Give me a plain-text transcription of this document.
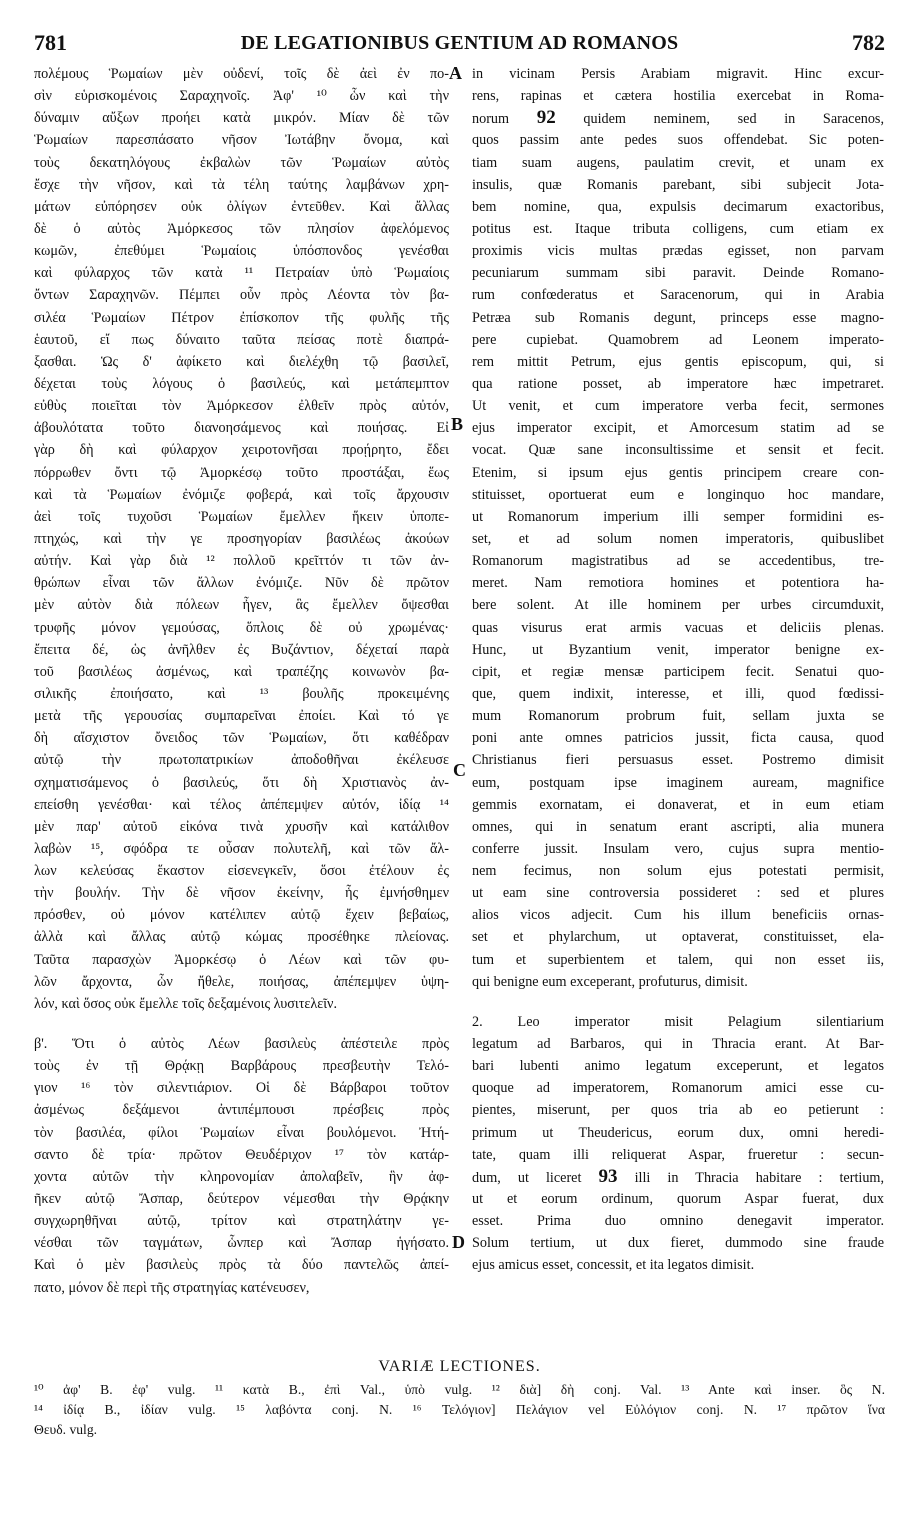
781	DE LEGATIONIBUS GENTIUM AD ROMANOS	782
A
B
C
D
πολέμους Ῥωμαίων μὲν οὐδενί, τοῖς δὲ ἀεὶ ἐν πο-
σὶν εὑρισκομένοις Σαραχηνοῖς. Ἀφ' ¹⁰ ὧν καὶ τὴν
δύναμιν αὔξων προήει κατὰ μικρόν. Μίαν δὲ τῶν
Ῥωμαίων παρεσπάσατο νῆσον Ἰωτάβην ὄνομα, καὶ
τοὺς δεκατηλόγους ἐκβαλὼν τῶν Ῥωμαίων αὐτὸς
ἔσχε τὴν νῆσον, καὶ τὰ τέλη ταύτης λαμβάνων χρη-
μάτων εὐπόρησεν οὐκ ὀλίγων ἐντεῦθεν. Καὶ ἄλλας
δὲ ὁ αὐτὸς Ἀμόρκεσος τῶν πλησίον ἀφελόμενος
κωμῶν, ἐπεθύμει Ῥωμαίοις ὑπόσπονδος γενέσθαι
καὶ φύλαρχος τῶν κατὰ ¹¹ Πετραίαν ὑπὸ Ῥωμαίοις
ὄντων Σαραχηνῶν. Πέμπει οὖν πρὸς Λέοντα τὸν βα-
σιλέα Ῥωμαίων Πέτρον ἐπίσκοπον τῆς φυλῆς τῆς
ἑαυτοῦ, εἴ πως δύναιτο ταῦτα πείσας ποτὲ διαπρά-
ξασθαι. Ὡς δ' ἀφίκετο καὶ διελέχθη τῷ βασιλεῖ,
δέχεται τοὺς λόγους ὁ βασιλεύς, καὶ μετάπεμπτον
εὐθὺς ποιεῖται τὸν Ἀμόρκεσον ἐλθεῖν πρὸς αὐτόν,
ἀβουλότατα τοῦτο διανοησάμενος καὶ ποιήσας. Εἰ
γὰρ δὴ καὶ φύλαρχον χειροτονῆσαι προῄρητο, ἔδει
πόρρωθεν ὄντι τῷ Ἀμορκέσῳ τοῦτο προστάξαι, ἕως
καὶ τὰ Ῥωμαίων ἐνόμιζε φοβερά, καὶ τοῖς ἄρχουσιν
ἀεὶ τοῖς τυχοῦσι Ῥωμαίων ἔμελλεν ἥκειν ὑποπε-
πτηχώς, καὶ τὴν γε προσηγορίαν βασιλέως ἀκούων
αὐτήν. Καὶ γὰρ διὰ ¹² πολλοῦ κρεῖττόν τι τῶν ἀν-
θρώπων εἶναι τῶν ἄλλων ἐνόμιζε. Νῦν δὲ πρῶτον
μὲν αὐτὸν διὰ πόλεων ἦγεν, ἃς ἔμελλεν ὄψεσθαι
τρυφῆς μόνον γεμούσας, ὅπλοις δὲ οὐ χρωμένας·
ἔπειτα δέ, ὡς ἀνῆλθεν ἐς Βυζάντιον, δέχεταί παρὰ
τοῦ βασιλέως ἀσμένως, καὶ τραπέζης κοινωνὸν βα-
σιλικῆς ἐποιήσατο, καὶ ¹³ βουλῆς προκειμένης
μετὰ τῆς γερουσίας συμπαρεῖναι ἐποίει. Καὶ τό γε
δὴ αἴσχιστον ὄνειδος τῶν Ῥωμαίων, ὅτι καθέδραν
αὐτῷ τὴν πρωτοπατρικίων ἀποδοθῆναι ἐκέλευσε
σχηματισάμενος ὁ βασιλεύς, ὅτι δὴ Χριστιανὸς ἀν-
επείσθη γενέσθαι· καὶ τέλος ἀπέπεμψεν αὐτόν, ἰδίᾳ ¹⁴
μὲν παρ' αὐτοῦ εἰκόνα τινὰ χρυσῆν καὶ κατάλιθον
λαβὼν ¹⁵, σφόδρα τε οὖσαν πολυτελῆ, καὶ τῶν ἄλ-
λων κελεύσας ἕκαστον εἰσενεγκεῖν, ὅσοι ἐτέλουν ἐς
τὴν βουλήν. Τὴν δὲ νῆσον ἐκείνην, ἧς ἐμνήσθημεν
πρόσθεν, οὐ μόνον κατέλιπεν αὐτῷ ἔχειν βεβαίως,
ἀλλὰ καὶ ἄλλας αὐτῷ κώμας προσέθηκε πλείονας.
Ταῦτα παρασχὼν Ἀμορκέσῳ ὁ Λέων καὶ τῶν φυ-
λῶν ἄρχοντα, ὧν ἤθελε, ποιήσας, ἀπέπεμψεν ὑψη-
λόν, καὶ ὅσος οὐκ ἔμελλε τοῖς δεξαμένοις λυσιτελεῖν.
β'. Ὅτι ὁ αὐτὸς Λέων βασιλεὺς ἀπέστειλε πρὸς
τοὺς ἐν τῇ Θρᾴκῃ Βαρβάρους πρεσβευτὴν Τελό-
γιον ¹⁶ τὸν σιλεντιάριον. Οἱ δὲ Βάρβαροι τοῦτον
ἀσμένως δεξάμενοι ἀντιπέμπουσι πρέσβεις πρὸς
τὸν βασιλέα, φίλοι Ῥωμαίων εἶναι βουλόμενοι. Ἠτή-
σαντο δὲ τρία· πρῶτον Θευδέριχον ¹⁷ τὸν κατάρ-
χοντα αὐτῶν τὴν κληρονομίαν ἀπολαβεῖν, ἣν ἀφ-
ῆκεν αὐτῷ Ἄσπαρ, δεύτερον νέμεσθαι τὴν Θρᾴκην
συγχωρηθῆναι αὐτῷ, τρίτον καὶ στρατηλάτην γε-
νέσθαι τῶν ταγμάτων, ὧνπερ καὶ Ἄσπαρ ἡγήσατο.
Καὶ ὁ μὲν βασιλεὺς πρὸς τὰ δύο παντελῶς ἀπεί-
πατο, μόνον δὲ περὶ τῆς στρατηγίας κατένευσεν,
in vicinam Persis Arabiam migravit. Hinc excur-
rens, rapinas et cætera hostilia exercebat in Roma-
norum 92 quidem neminem, sed in Saracenos,
quos passim ante pedes suos offendebat. Sic poten-
tiam suam augens, paulatim crevit, et unam ex
insulis, quæ Romanis parebant, sibi subjecit Jota-
bem nomine, qua, expulsis decimarum exactoribus,
potitus est. Itaque tributa colligens, cum etiam ex
proximis vicis multas prædas egisset, non parvam
pecuniarum summam sibi paravit. Deinde Romano-
rum confœderatus et Saracenorum, qui in Arabia
Petræa sub Romanis degunt, princeps esse magno-
pere cupiebat. Quamobrem ad Leonem imperato-
rem mittit Petrum, ejus gentis episcopum, qui, si
qua ratione posset, ab imperatore hæc impetraret.
Ut venit, et cum imperatore verba fecit, sermones
ejus imperator excipit, et Amorcesum statim ad se
vocat. Quæ sane inconsultissime et sensit et fecit.
Etenim, si ipsum ejus gentis principem creare con-
stituisset, oportuerat eum e longinquo hoc mandare,
ut Romanorum imperium illi semper formidini es-
set, et ad solum nomen imperatoris, quibuslibet
Romanorum magistratibus ad se accedentibus, tre-
meret. Nam remotiora homines et potentiora ha-
bere solent. At ille hominem per urbes circumduxit,
quas visurus erat armis vacuas et deliciis plenas.
Hunc, ut Byzantium venit, imperator benigne ex-
cipit, et regiæ mensæ participem fecit. Senatui quo-
que, quem indixit, interesse, et illi, quod fœdissi-
mum Romanorum probrum fuit, sellam juxta se
poni ante omnes patricios jussit, ficta causa, quod
Christianus fieri persuasus esset. Postremo dimisit
eum, postquam ipse imaginem auream, magnifice
gemmis exornatam, ei donaverat, et in eum etiam
omnes, qui in senatum erant ascripti, alia munera
conferre jussit. Insulam vero, cujus supra mentio-
nem fecimus, non solum ejus potestati permisit,
ut eam sine controversia possideret : sed et plures
alios vicos adjecit. Cum his illum beneficiis ornas-
set et phylarchum, ut optaverat, constituisset, ela-
tum et superbientem et talem, qui non esset iis,
qui benigne eum exceperant, profuturus, dimisit.
2. Leo imperator misit Pelagium silentiarium
legatum ad Barbaros, qui in Thracia erant. At Bar-
bari lubenti animo legatum exceperunt, et legatos
quoque ad imperatorem, Romanorum amici esse cu-
pientes, miserunt, per quos tria ab eo petierunt :
primum ut Theudericus, eorum dux, omni heredi-
tate, quam illi reliquerat Aspar, frueretur : secun-
dum, ut liceret 93 illi in Thracia habitare : tertium,
ut et eorum ordinum, quorum Aspar fuerat, dux
esset. Prima duo omnino denegavit imperator.
Solum tertium, ut dux fieret, dummodo sine fraude
ejus amicus esset, concessit, et ita legatos dimisit.
VARIÆ LECTIONES.
¹⁰ ἀφ' B. ἐφ' vulg. ¹¹ κατὰ B., ἐπὶ Val., ὑπὸ vulg. ¹² διὰ] δὴ conj. Val. ¹³ Ante καὶ inser. ὃς N.
¹⁴ ἰδίᾳ B., ἰδίαν vulg. ¹⁵ λαβόντα conj. N. ¹⁶ Τελόγιον] Πελάγιον vel Εὐλόγιον conj. N. ¹⁷ πρῶτον ἵνα
Θευδ. vulg.
